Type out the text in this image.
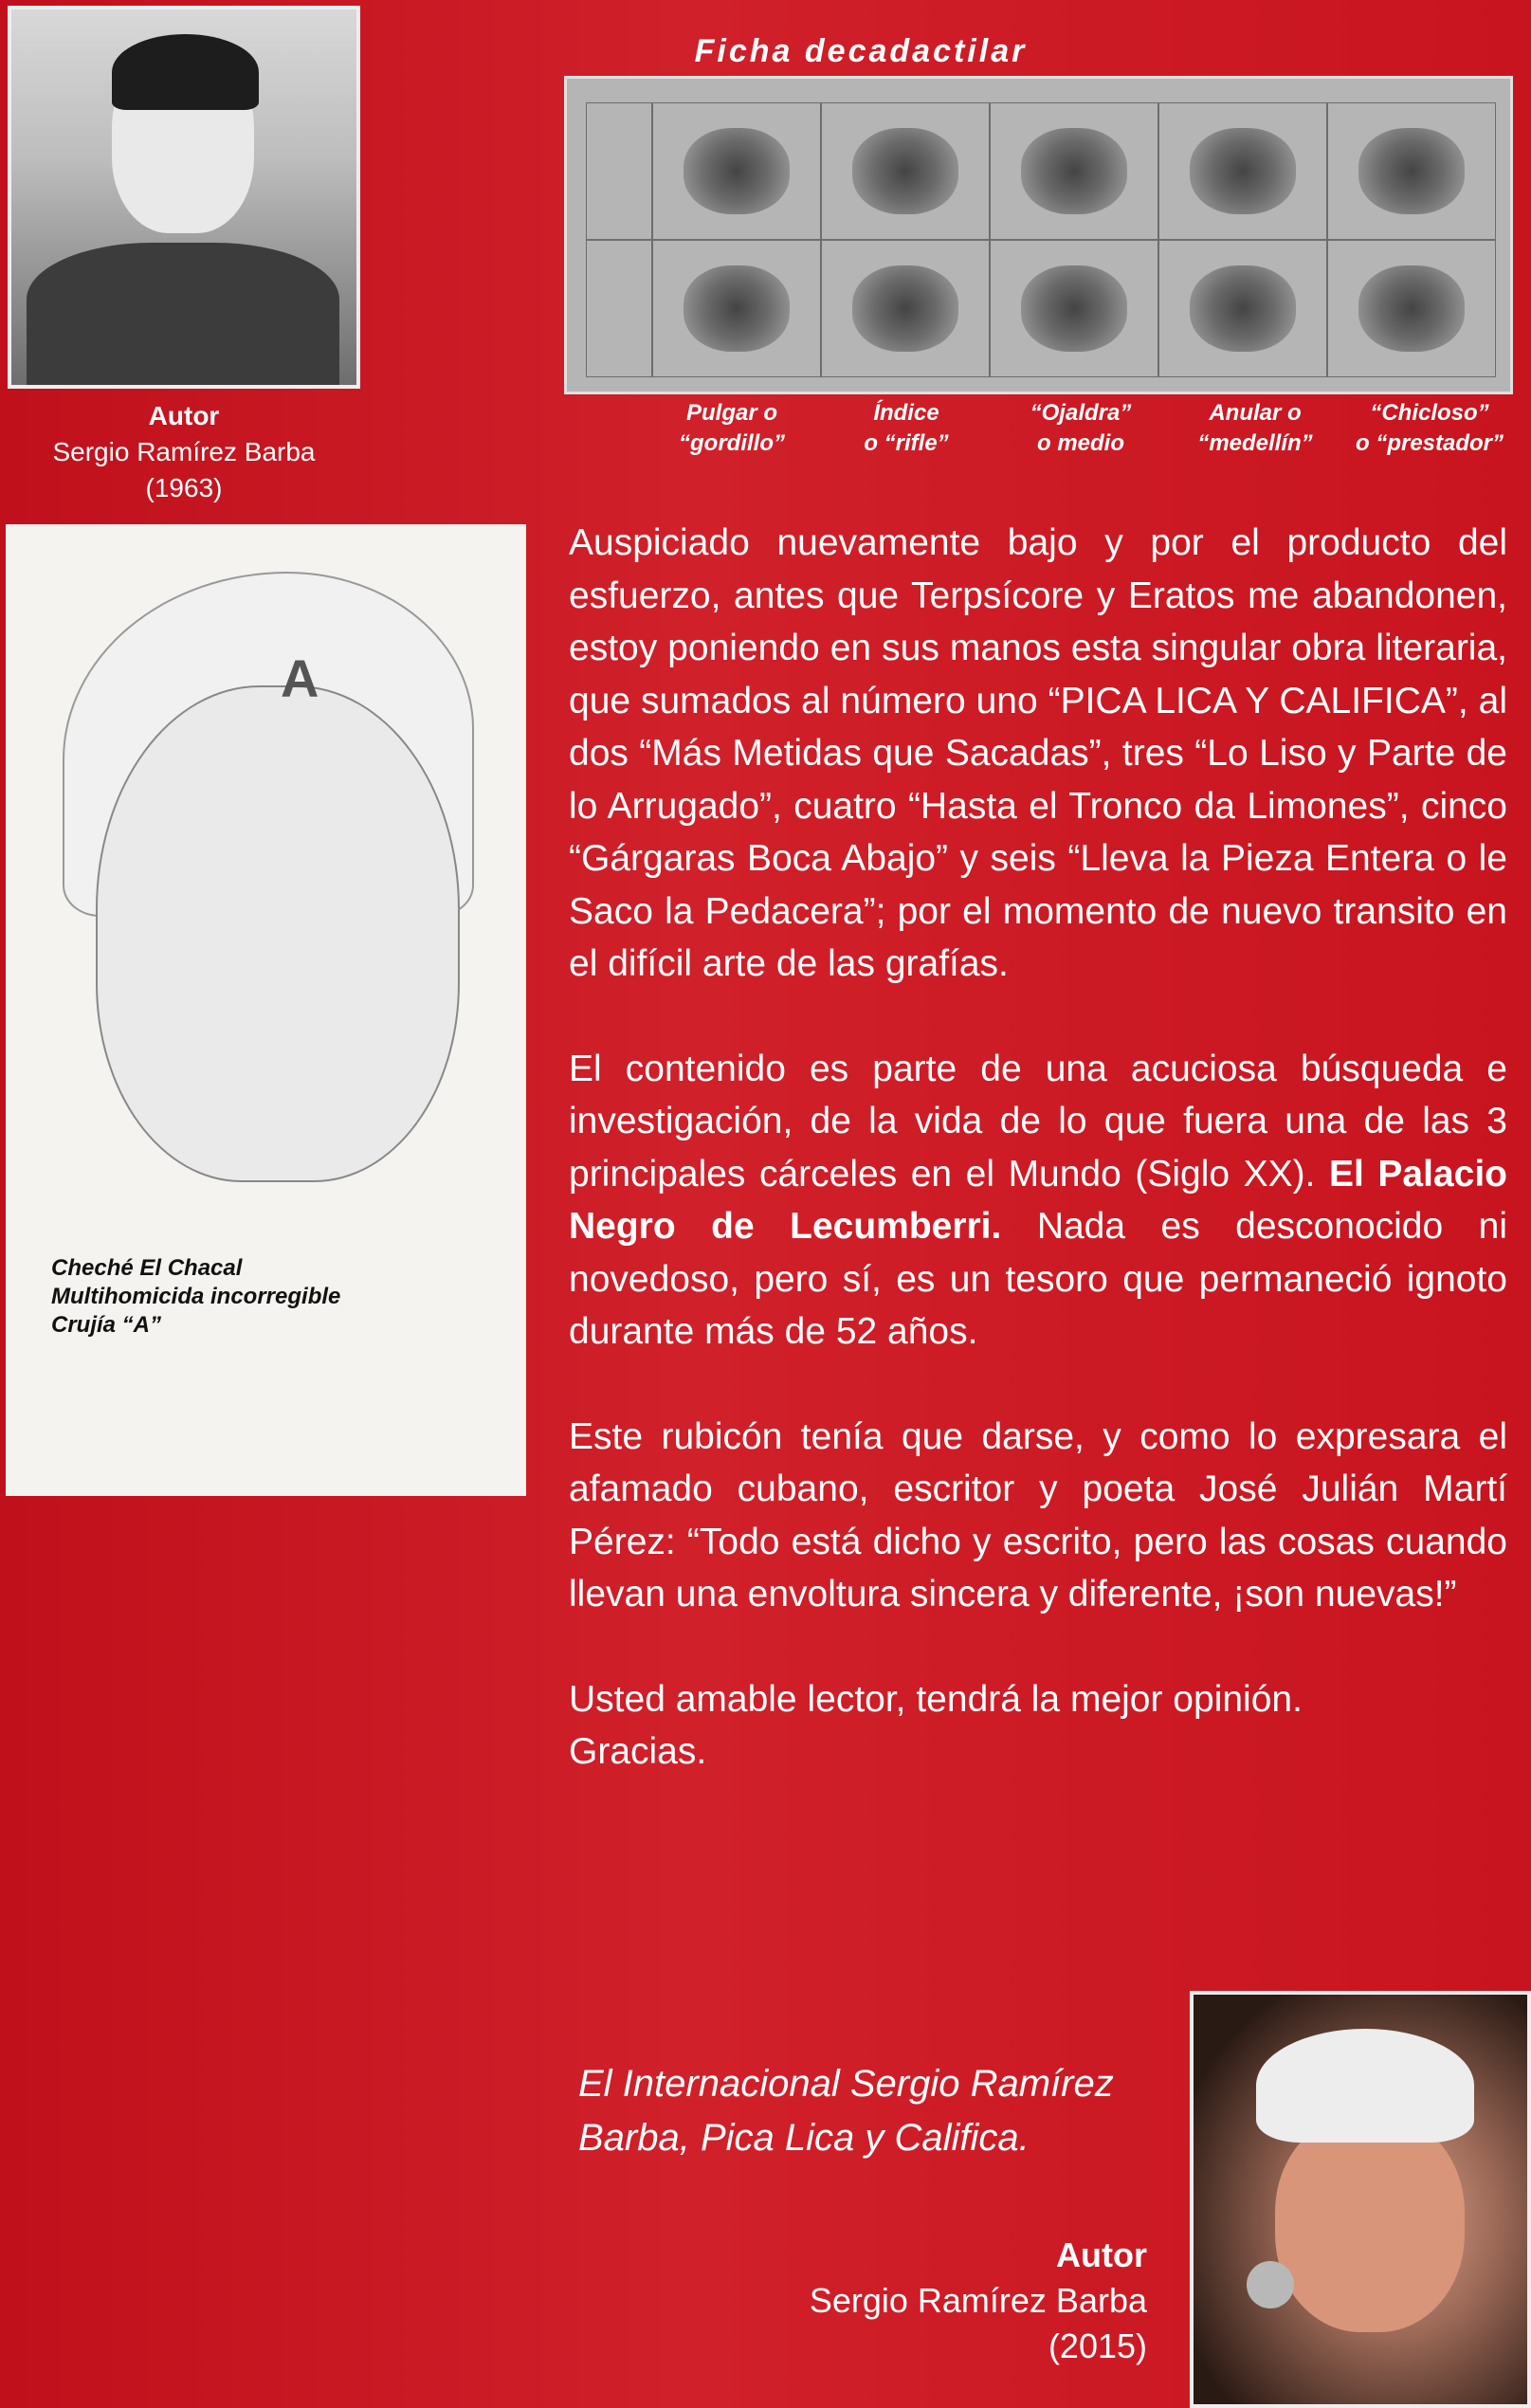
Autor
Sergio Ramírez Barba
(1963)
Ficha decadactilar
Pulgar o
“gordillo”
Índice
o “rifle”
“Ojaldra”
o medio
Anular o
“medellín”
“Chicloso”
o “prestador”
A
Cheché El Chacal
Multihomicida incorregible
Crujía “A”

Auspiciado nuevamente bajo y por el producto del esfuerzo, antes que Terpsícore y Eratos me abandonen, estoy poniendo en sus manos esta singular obra literaria, que sumados al número uno “PICA LICA Y CALIFICA”, al dos “Más Metidas que Sacadas”, tres “Lo Liso y Parte de lo Arrugado”, cuatro “Hasta el Tronco da Limones”, cinco “Gárgaras Boca Abajo” y seis “Lleva la Pieza Entera o le Saco la Pedacera”; por el momento de nuevo transito en el difícil arte de las grafías.

El contenido es parte de una acuciosa búsqueda e investigación, de la vida de lo que fuera una de las 3 principales cárceles en el Mundo (Siglo XX). El Palacio Negro de Lecumberri. Nada es desconocido ni novedoso, pero sí, es un tesoro que permaneció ignoto durante más de 52 años.

Este rubicón tenía que darse, y como lo expresara el afamado cubano, escritor y poeta José Julián Martí Pérez: “Todo está dicho y escrito, pero las cosas cuando llevan una envoltura sincera y diferente, ¡son nuevas!”

Usted amable lector, tendrá la mejor opinión.
Gracias.

El Internacional Sergio Ramírez Barba, Pica Lica y Califica.
Autor
Sergio Ramírez Barba
(2015)
